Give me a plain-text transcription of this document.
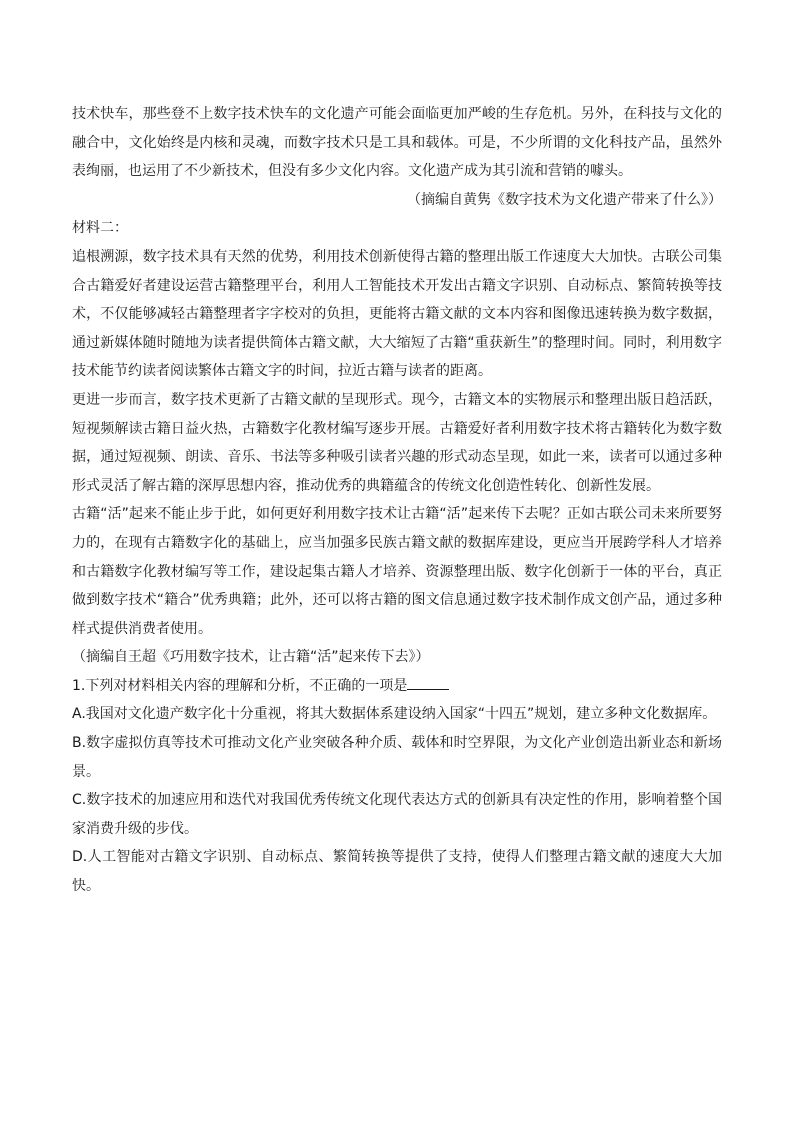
技术快车，那些登不上数字技术快车的文化遗产可能会面临更加严峻的生存危机。另外，在科技与文化的融合中，文化始终是内核和灵魂，而数字技术只是工具和载体。可是，不少所谓的文化科技产品，虽然外表绚丽，也运用了不少新技术，但没有多少文化内容。文化遗产成为其引流和营销的噱头。

（摘编自黄隽《数字技术为文化遗产带来了什么》）

材料二：

追根溯源，数字技术具有天然的优势，利用技术创新使得古籍的整理出版工作速度大大加快。古联公司集合古籍爱好者建设运营古籍整理平台，利用人工智能技术开发出古籍文字识别、自动标点、繁简转换等技术，不仅能够减轻古籍整理者字字校对的负担，更能将古籍文献的文本内容和图像迅速转换为数字数据，通过新媒体随时随地为读者提供简体古籍文献，大大缩短了古籍“重获新生”的整理时间。同时，利用数字技术能节约读者阅读繁体古籍文字的时间，拉近古籍与读者的距离。

更进一步而言，数字技术更新了古籍文献的呈现形式。现今，古籍文本的实物展示和整理出版日趋活跃，短视频解读古籍日益火热，古籍数字化教材编写逐步开展。古籍爱好者利用数字技术将古籍转化为数字数据，通过短视频、朗读、音乐、书法等多种吸引读者兴趣的形式动态呈现，如此一来，读者可以通过多种形式灵活了解古籍的深厚思想内容，推动优秀的典籍蕴含的传统文化创造性转化、创新性发展。

古籍“活”起来不能止步于此，如何更好利用数字技术让古籍“活”起来传下去呢？正如古联公司未来所要努力的，在现有古籍数字化的基础上，应当加强多民族古籍文献的数据库建设，更应当开展跨学科人才培养和古籍数字化教材编写等工作，建设起集古籍人才培养、资源整理出版、数字化创新于一体的平台，真正做到数字技术“籍合”优秀典籍；此外，还可以将古籍的图文信息通过数字技术制作成文创产品，通过多种样式提供消费者使用。

（摘编自王超《巧用数字技术，让古籍“活”起来传下去》）

1.下列对材料相关内容的理解和分析，不正确的一项是

A.我国对文化遗产数字化十分重视，将其大数据体系建设纳入国家“十四五”规划，建立多种文化数据库。

B.数字虚拟仿真等技术可推动文化产业突破各种介质、载体和时空界限，为文化产业创造出新业态和新场景。

C.数字技术的加速应用和迭代对我国优秀传统文化现代表达方式的创新具有决定性的作用，影响着整个国家消费升级的步伐。

D.人工智能对古籍文字识别、自动标点、繁简转换等提供了支持，使得人们整理古籍文献的速度大大加快。
